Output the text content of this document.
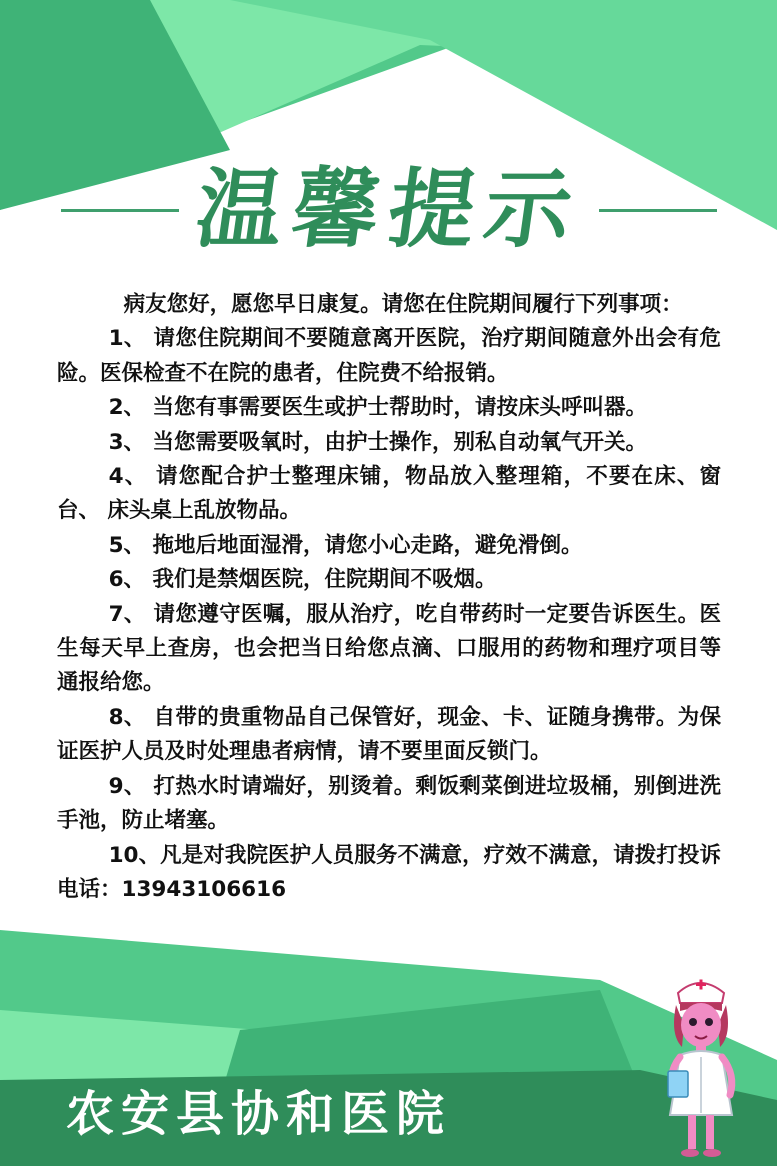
温馨提示

病友您好，愿您早日康复。请您在住院期间履行下列事项：

1、 请您住院期间不要随意离开医院，治疗期间随意外出会有危险。医保检查不在院的患者，住院费不给报销。

2、 当您有事需要医生或护士帮助时，请按床头呼叫器。

3、 当您需要吸氧时，由护士操作，别私自动氧气开关。

4、 请您配合护士整理床铺，物品放入整理箱，不要在床、窗台、 床头桌上乱放物品。

5、 拖地后地面湿滑，请您小心走路，避免滑倒。

6、 我们是禁烟医院，住院期间不吸烟。

7、 请您遵守医嘱，服从治疗，吃自带药时一定要告诉医生。医生每天早上查房，也会把当日给您点滴、口服用的药物和理疗项目等通报给您。

8、 自带的贵重物品自己保管好，现金、卡、证随身携带。为保证医护人员及时处理患者病情，请不要里面反锁门。

9、 打热水时请端好，别烫着。剩饭剩菜倒进垃圾桶，别倒进洗手池，防止堵塞。

10、凡是对我院医护人员服务不满意，疗效不满意，请拨打投诉电话：13943106616

农安县协和医院
